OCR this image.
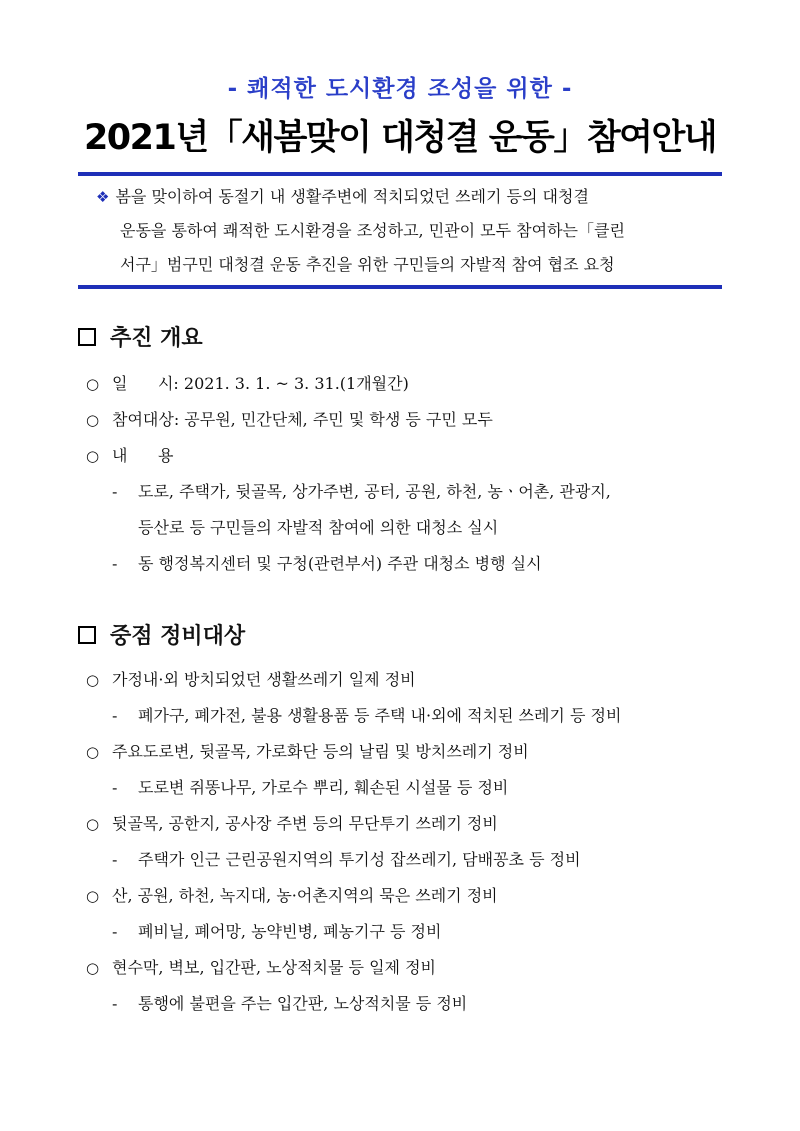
- 쾌적한 도시환경 조성을 위한 -
2021년「새봄맞이 대청결 운동」참여안내
❖ 봄을 맞이하여 동절기 내 생활주변에 적치되었던 쓰레기 등의 대청결
운동을 통하여 쾌적한 도시환경을 조성하고, 민관이 모두 참여하는「클린
서구」범구민 대청결 운동 추진을 위한 구민들의 자발적 참여 협조 요청
추진 개요
○ 일      시: 2021. 3. 1. ~ 3. 31.(1개월간)
○ 참여대상: 공무원, 민간단체, 주민 및 학생 등 구민 모두
○ 내      용
-	도로, 주택가, 뒷골목, 상가주변, 공터, 공원, 하천, 농ㆍ어촌, 관광지,
등산로 등 구민들의 자발적 참여에 의한 대청소 실시
-	동 행정복지센터 및 구청(관련부서) 주관 대청소 병행 실시
중점 정비대상
○ 가정내·외 방치되었던 생활쓰레기 일제 정비
-	폐가구, 폐가전, 불용 생활용품 등 주택 내·외에 적치된 쓰레기 등 정비
○ 주요도로변, 뒷골목, 가로화단 등의 날림 및 방치쓰레기 정비
-	도로변 쥐똥나무, 가로수 뿌리, 훼손된 시설물 등 정비
○ 뒷골목, 공한지, 공사장 주변 등의 무단투기 쓰레기 정비
-	주택가 인근 근린공원지역의 투기성 잡쓰레기, 담배꽁초 등 정비
○ 산, 공원, 하천, 녹지대, 농·어촌지역의 묵은 쓰레기 정비
-	폐비닐, 폐어망, 농약빈병, 폐농기구 등 정비
○ 현수막, 벽보, 입간판, 노상적치물 등 일제 정비
-	통행에 불편을 주는 입간판, 노상적치물 등 정비
